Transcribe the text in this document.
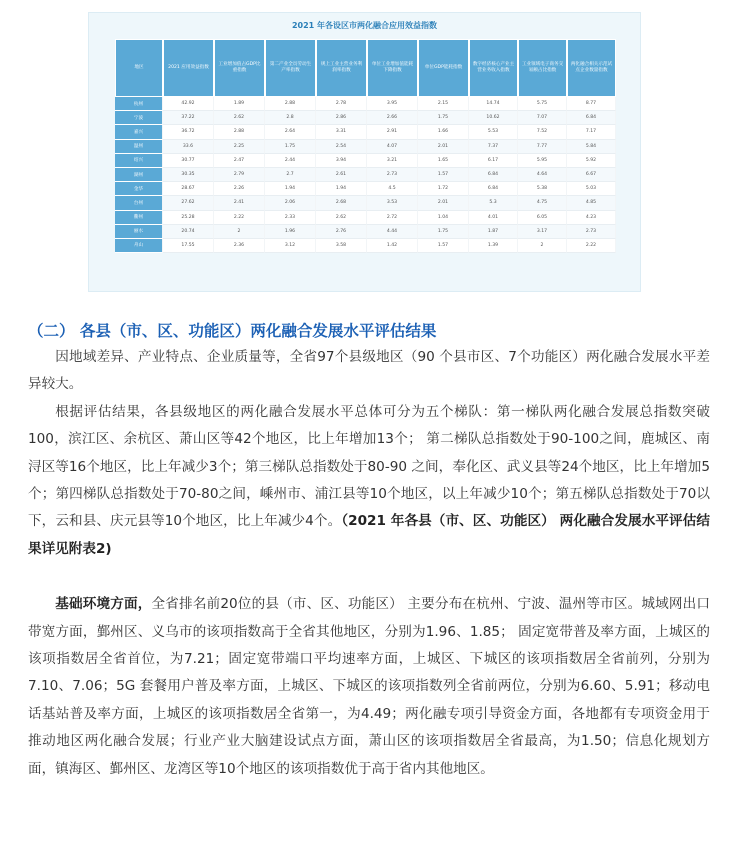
2021 年各设区市两化融合应用效益指数
地区	2021 应用效益指数	工业增加值占GDP比重指数	第二产业全员劳动生产率指数	规上工业主营业务利润率指数	单位工业增加值能耗下降指数	单位GDP能耗指数	数字经济核心产业主营业务收入指数	工业领域电子商务交易额占比指数	两化融合相关示范试点企业数量指数
杭州	42.92	1.89	2.88	2.78	3.95	2.15	14.74	5.75	8.77
宁波	37.22	2.62	2.8	2.86	2.66	1.75	10.62	7.07	6.84
嘉兴	36.72	2.88	2.64	3.31	2.91	1.66	5.53	7.52	7.17
温州	33.6	2.25	1.75	2.54	4.07	2.01	7.37	7.77	5.84
绍兴	30.77	2.47	2.44	3.94	3.21	1.65	6.17	5.95	5.92
湖州	30.35	2.79	2.7	2.61	2.73	1.57	6.84	4.64	6.67
金华	28.67	2.26	1.94	1.94	4.5	1.72	6.84	5.38	5.03
台州	27.62	2.41	2.06	2.68	3.53	2.01	5.3	4.75	4.85
衢州	25.28	2.22	2.33	2.62	2.72	1.04	4.01	6.05	4.23
丽水	20.74	2	1.96	2.76	4.44	1.75	1.87	3.17	2.73
舟山	17.55	2.36	3.12	3.58	1.42	1.57	1.39	2	2.22
（二） 各县（市、区、功能区）两化融合发展水平评估结果

因地域差异、产业特点、企业质量等，全省97个县级地区（90 个县市区、7个功能区）两化融合发展水平差异较大。

根据评估结果，各县级地区的两化融合发展水平总体可分为五个梯队：第一梯队两化融合发展总指数突破100，滨江区、余杭区、萧山区等42个地区，比上年增加13个； 第二梯队总指数处于90-100之间，鹿城区、南浔区等16个地区，比上年减少3个；第三梯队总指数处于80-90 之间，奉化区、武义县等24个地区，比上年增加5个；第四梯队总指数处于70-80之间，嵊州市、浦江县等10个地区，以上年减少10个；第五梯队总指数处于70以下，云和县、庆元县等10个地区，比上年减少4个。（2021 年各县（市、区、功能区） 两化融合发展水平评估结果详见附表2)

基础环境方面，全省排名前20位的县（市、区、功能区） 主要分布在杭州、宁波、温州等市区。城域网出口带宽方面，鄞州区、义乌市的该项指数高于全省其他地区，分别为1.96、1.85； 固定宽带普及率方面，上城区的该项指数居全省首位，为7.21；固定宽带端口平均速率方面，上城区、下城区的该项指数居全省前列，分别为7.10、7.06；5G 套餐用户普及率方面，上城区、下城区的该项指数列全省前两位，分别为6.60、5.91；移动电话基站普及率方面，上城区的该项指数居全省第一，为4.49；两化融专项引导资金方面，各地都有专项资金用于推动地区两化融合发展；行业产业大脑建设试点方面，萧山区的该项指数居全省最高，为1.50；信息化规划方面，镇海区、鄞州区、龙湾区等10个地区的该项指数优于高于省内其他地区。
